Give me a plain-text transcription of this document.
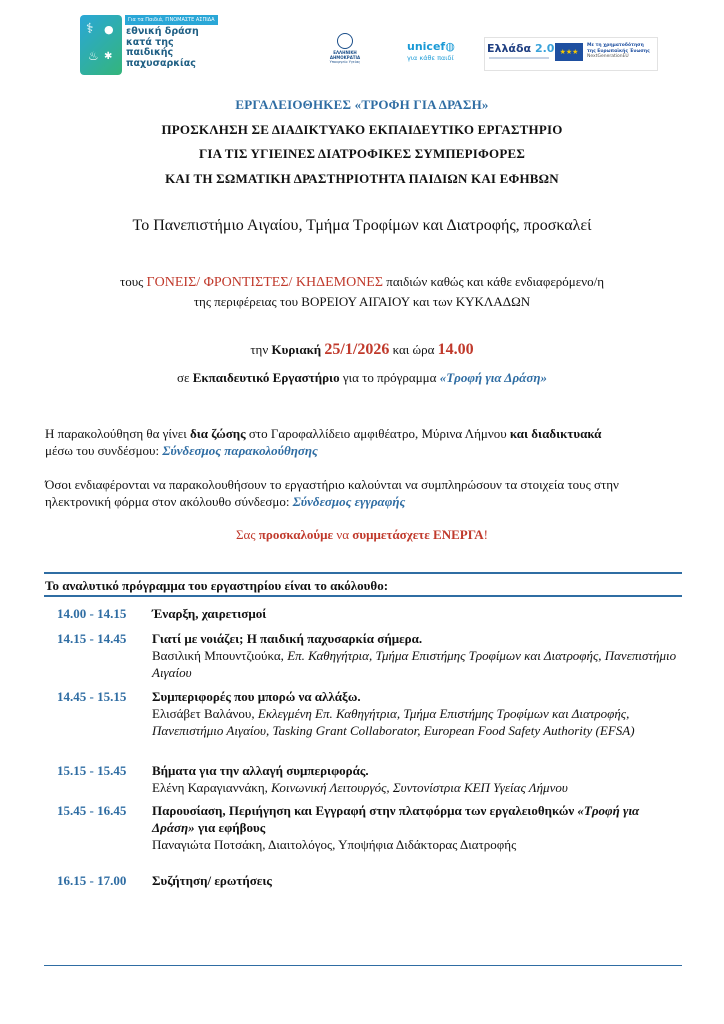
⚕ ●
♨ ✱
Για τα Παιδιά, ΓΙΝΟΜΑΣΤΕ ΑΣΠΙΔΑ
εθνική δράση
κατά της
παιδικής
παχυσαρκίας
ΕΛΛΗΝΙΚΗ ΔΗΜΟΚΡΑΤΙΑ
Υπουργείο Υγείας
unicef◍
για κάθε παιδί
Ελλάδα 2.0 ★★★
Με τη χρηματοδότηση
της Ευρωπαϊκής Ένωσης
NextGenerationEU
ΕΡΓΑΛΕΙΟΘΗΚΕΣ «ΤΡΟΦΗ ΓΙΑ ΔΡΑΣΗ»
ΠΡΟΣΚΛΗΣΗ ΣΕ ΔΙΑΔΙΚΤΥΑΚΟ ΕΚΠΑΙΔΕΥΤΙΚΟ ΕΡΓΑΣΤΗΡΙΟ
ΓΙΑ ΤΙΣ ΥΓΙΕΙΝΕΣ ΔΙΑΤΡΟΦΙΚΕΣ ΣΥΜΠΕΡΙΦΟΡΕΣ
ΚΑΙ ΤΗ ΣΩΜΑΤΙΚΗ ΔΡΑΣΤΗΡΙΟΤΗΤΑ ΠΑΙΔΙΩΝ ΚΑΙ ΕΦΗΒΩΝ
Το Πανεπιστήμιο Αιγαίου, Τμήμα Τροφίμων και Διατροφής, προσκαλεί
τους ΓΟΝΕΙΣ/ ΦΡΟΝΤΙΣΤΕΣ/ ΚΗΔΕΜΟΝΕΣ παιδιών καθώς και κάθε ενδιαφερόμενο/η
της περιφέρειας του ΒΟΡΕΙΟΥ ΑΙΓΑΙΟΥ και των ΚΥΚΛΑΔΩΝ
την Κυριακή 25/1/2026 και ώρα 14.00
σε Εκπαιδευτικό Εργαστήριο για το πρόγραμμα «Τροφή για Δράση»
Η παρακολούθηση θα γίνει δια ζώσης στο Γαροφαλλίδειο αμφιθέατρο, Μύρινα Λήμνου και διαδικτυακά
μέσω του συνδέσμου: Σύνδεσμος παρακολούθησης
Όσοι ενδιαφέρονται να παρακολουθήσουν το εργαστήριο καλούνται να συμπληρώσουν τα στοιχεία τους στην ηλεκτρονική φόρμα στον ακόλουθο σύνδεσμο: Σύνδεσμος εγγραφής
Σας προσκαλούμε να συμμετάσχετε ΕΝΕΡΓΑ!
Το αναλυτικό πρόγραμμα του εργαστηρίου είναι το ακόλουθο:
14.00 - 14.15 Έναρξη, χαιρετισμοί
14.15 - 14.45 Γιατί με νοιάζει; Η παιδική παχυσαρκία σήμερα.
Βασιλική Μπουντζιούκα, Επ. Καθηγήτρια, Τμήμα Επιστήμης Τροφίμων και Διατροφής, Πανεπιστήμιο Αιγαίου
14.45 - 15.15 Συμπεριφορές που μπορώ να αλλάξω.
Ελισάβετ Βαλάνου, Εκλεγμένη Επ. Καθηγήτρια, Τμήμα Επιστήμης Τροφίμων και Διατροφής, Πανεπιστήμιο Αιγαίου, Tasking Grant Collaborator, European Food Safety Authority (EFSA)
15.15 - 15.45 Βήματα για την αλλαγή συμπεριφοράς.
Ελένη Καραγιαννάκη, Κοινωνική Λειτουργός, Συντονίστρια ΚΕΠ Υγείας Λήμνου
15.45 - 16.45 Παρουσίαση, Περιήγηση και Εγγραφή στην πλατφόρμα των εργαλειοθηκών «Τροφή για Δράση» για εφήβους
Παναγιώτα Ποτσάκη, Διαιτολόγος, Υποψήφια Διδάκτορας Διατροφής
16.15 - 17.00 Συζήτηση/ ερωτήσεις
